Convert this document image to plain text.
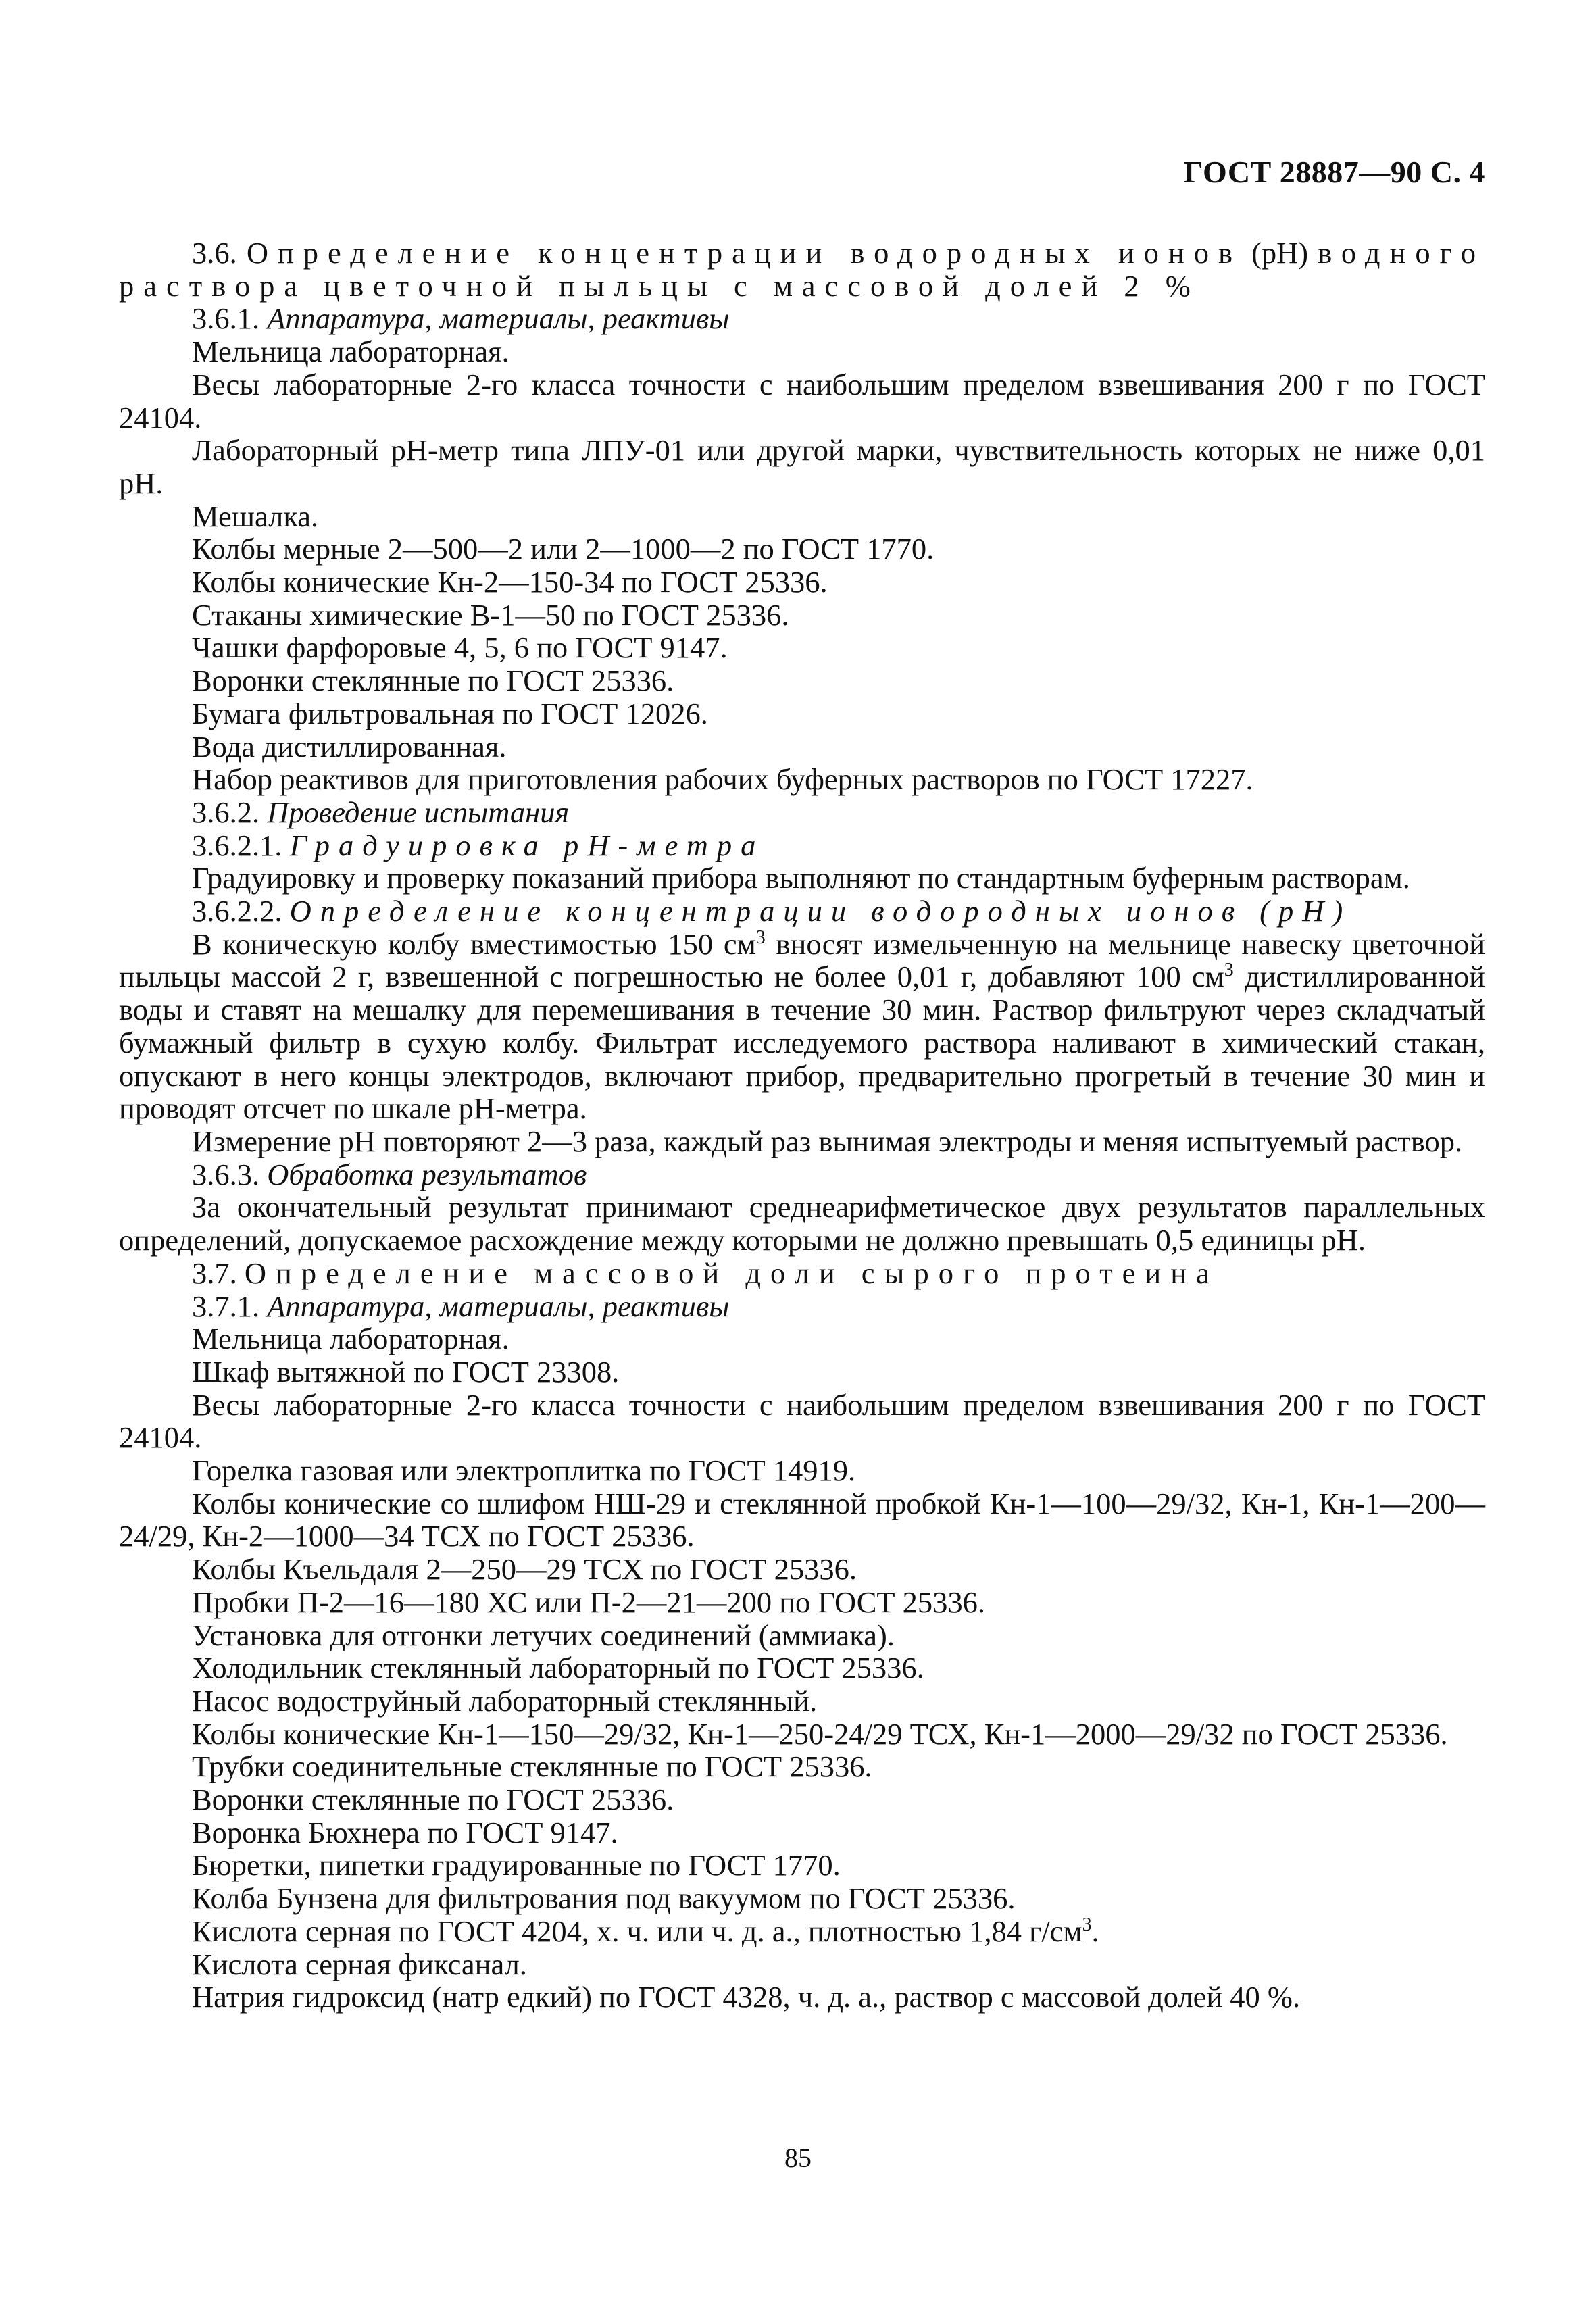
ГОСТ 28887—90 С. 4

3.6. Определение концентрации водородных ионов (pH) водного

раствора цветочной пыльцы с массовой долей 2 %

3.6.1. Аппаратура, материалы, реактивы

Мельница лабораторная.

Весы лабораторные 2-го класса точности с наибольшим пределом взвешивания 200 г по ГОСТ 24104.

Лабораторный pH-метр типа ЛПУ-01 или другой марки, чувствительность которых не ниже 0,01 pH.

Мешалка.

Колбы мерные 2—500—2 или 2—1000—2 по ГОСТ 1770.

Колбы конические Кн-2—150-34 по ГОСТ 25336.

Стаканы химические В-1—50 по ГОСТ 25336.

Чашки фарфоровые 4, 5, 6 по ГОСТ 9147.

Воронки стеклянные по ГОСТ 25336.

Бумага фильтровальная по ГОСТ 12026.

Вода дистиллированная.

Набор реактивов для приготовления рабочих буферных растворов по ГОСТ 17227.

3.6.2. Проведение испытания

3.6.2.1. Градуировка pH-метра

Градуировку и проверку показаний прибора выполняют по стандартным буферным растворам.

3.6.2.2. Определение концентрации водородных ионов (pH)

В коническую колбу вместимостью 150 $см^3$ вносят измельченную на мельнице навеску цветочной пыльцы массой 2 г, взвешенной с погрешностью не более 0,01 г, добавляют 100 $см^3$ дистиллированной воды и ставят на мешалку для перемешивания в течение 30 мин. Раствор фильтруют через складчатый бумажный фильтр в сухую колбу. Фильтрат исследуемого раствора наливают в химический стакан, опускают в него концы электродов, включают прибор, предварительно прогретый в течение 30 мин и проводят отсчет по шкале pH-метра.

Измерение pH повторяют 2—3 раза, каждый раз вынимая электроды и меняя испытуемый раствор.

3.6.3. Обработка результатов

За окончательный результат принимают среднеарифметическое двух результатов параллельных определений, допускаемое расхождение между которыми не должно превышать 0,5 единицы pH.

3.7. Определение массовой доли сырого протеина

3.7.1. Аппаратура, материалы, реактивы

Мельница лабораторная.

Шкаф вытяжной по ГОСТ 23308.

Весы лабораторные 2-го класса точности с наибольшим пределом взвешивания 200 г по ГОСТ 24104.

Горелка газовая или электроплитка по ГОСТ 14919.

Колбы конические со шлифом НШ-29 и стеклянной пробкой Кн-1—100—29/32, Кн-1, Кн-1—200—24/29, Кн-2—1000—34 ТСХ по ГОСТ 25336.

Колбы Къельдаля 2—250—29 ТСХ по ГОСТ 25336.

Пробки П-2—16—180 ХС или П-2—21—200 по ГОСТ 25336.

Установка для отгонки летучих соединений (аммиака).

Холодильник стеклянный лабораторный по ГОСТ 25336.

Насос водоструйный лабораторный стеклянный.

Колбы конические Кн-1—150—29/32, Кн-1—250-24/29 ТСХ, Кн-1—2000—29/32 по ГОСТ 25336.

Трубки соединительные стеклянные по ГОСТ 25336.

Воронки стеклянные по ГОСТ 25336.

Воронка Бюхнера по ГОСТ 9147.

Бюретки, пипетки градуированные по ГОСТ 1770.

Колба Бунзена для фильтрования под вакуумом по ГОСТ 25336.

Кислота серная по ГОСТ 4204, х. ч. или ч. д. а., плотностью 1,84 $г/см^3$.

Кислота серная фиксанал.

Натрия гидроксид (натр едкий) по ГОСТ 4328, ч. д. а., раствор с массовой долей 40 %.

85
